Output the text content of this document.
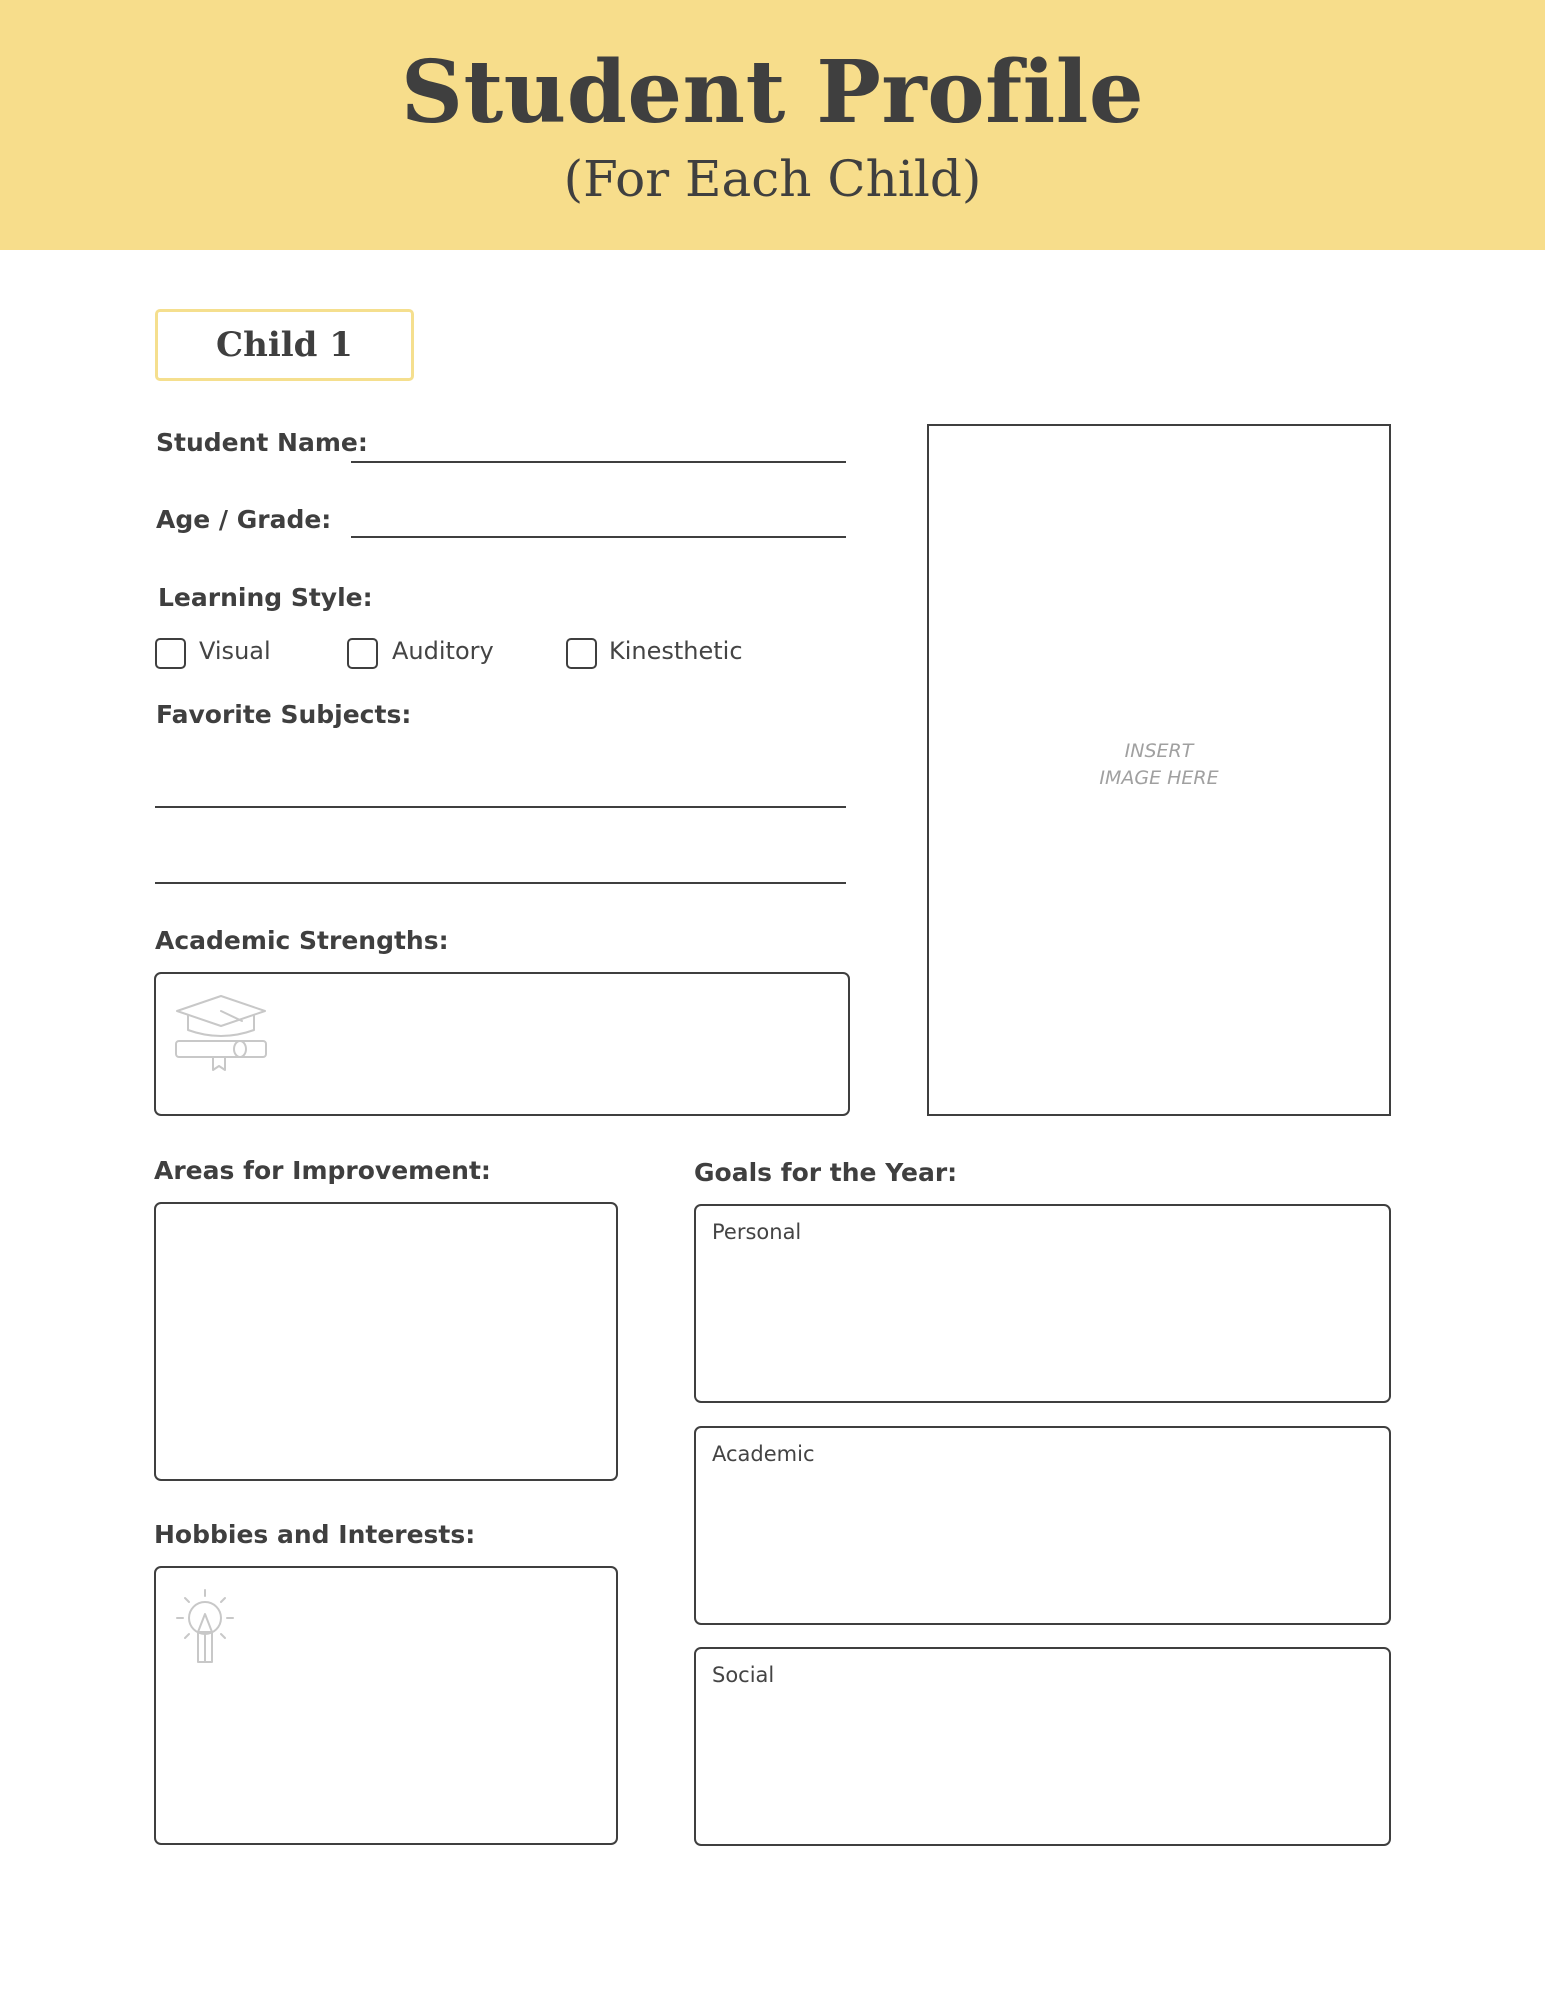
Student Profile
(For Each Child)
Child 1
Student Name:
Age / Grade:
Learning Style:
Visual	Auditory	Kinesthetic
Favorite Subjects:
Academic Strengths:
INSERT
IMAGE HERE
Areas for Improvement:
Hobbies and Interests:
Goals for the Year:
Personal
Academic
Social
